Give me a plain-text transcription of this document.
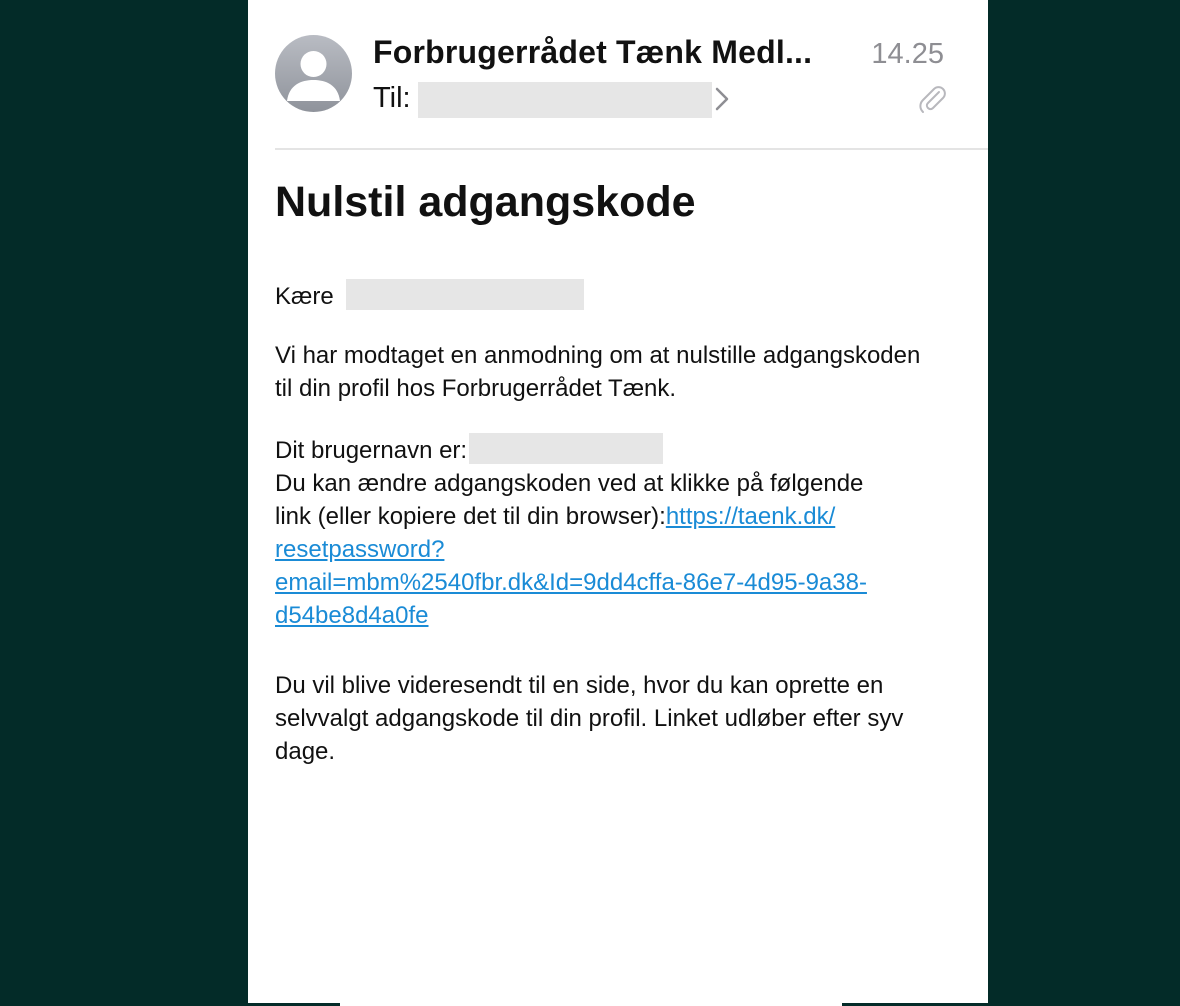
Forbrugerrådet Tænk Medl... 14.25
Til:
Nulstil adgangskode

Kære

Vi har modtaget en anmodning om at nulstille adgangskoden til din profil hos Forbrugerrådet Tænk.

Dit brugernavn er:
Du kan ændre adgangskoden ved at klikke på følgende
link (eller kopiere det til din browser):https://taenk.dk/
resetpassword?
email=mbm%2540fbr.dk&Id=9dd4cffa-86e7-4d95-9a38-
d54be8d4a0fe

Du vil blive videresendt til en side, hvor du kan oprette en selvvalgt adgangskode til din profil. Linket udløber efter syv dage.
